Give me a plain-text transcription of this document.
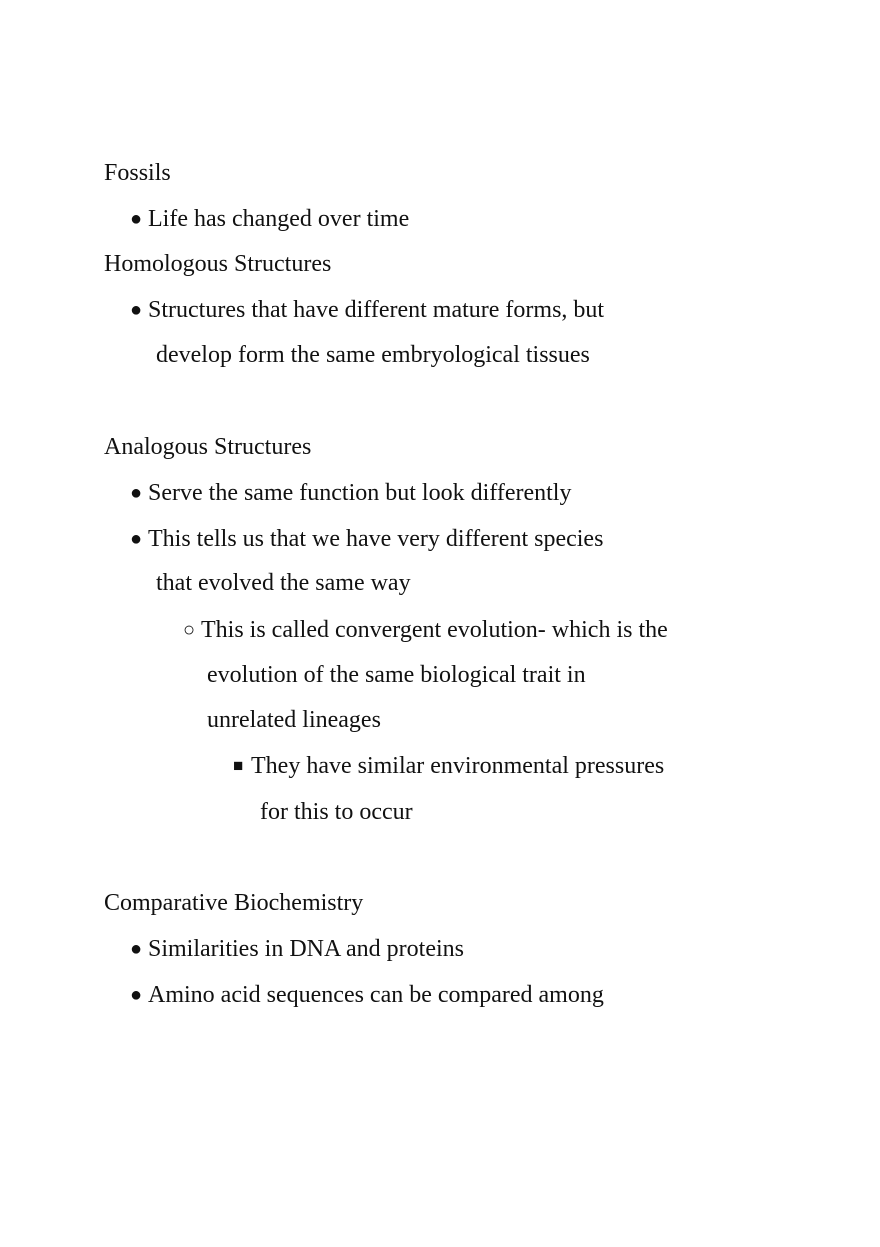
Fossils
● Life has changed over time
Homologous Structures
● Structures that have different mature forms, but
develop form the same embryological tissues
Analogous Structures
● Serve the same function but look differently
● This tells us that we have very different species
that evolved the same way
○ This is called convergent evolution- which is the
evolution of the same biological trait in
unrelated lineages
■ They have similar environmental pressures
for this to occur
Comparative Biochemistry
● Similarities in DNA and proteins
● Amino acid sequences can be compared among
